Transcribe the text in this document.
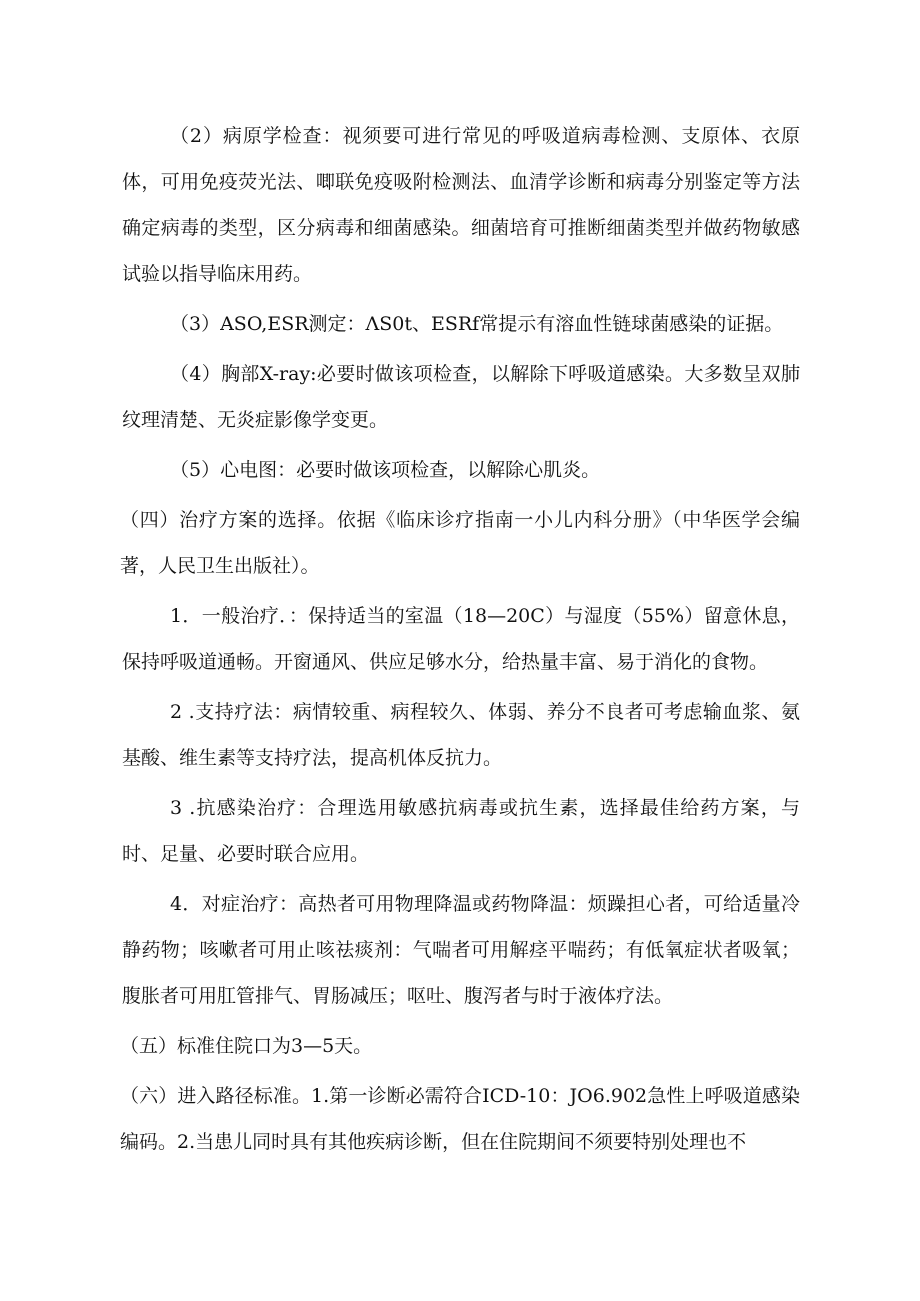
（2）病原学检查：视须要可进行常见的呼吸道病毒检测、支原体、衣原体，可用免疫荧光法、唧联免疫吸附检测法、血清学诊断和病毒分别鉴定等方法确定病毒的类型，区分病毒和细菌感染。细菌培育可推断细菌类型并做药物敏感试验以指导临床用药。

（3）ASO,ESR测定：ΛS0t、ESRf常提示有溶血性链球菌感染的证据。

（4）胸部X-ray:必要时做该项检查，以解除下呼吸道感染。大多数呈双肺纹理清楚、无炎症影像学变更。

（5）心电图：必要时做该项检查，以解除心肌炎。

（四）治疗方案的选择。依据《临床诊疗指南一小儿内科分册》（中华医学会编著，人民卫生出版社）。

1．一般治疗．：保持适当的室温（18—20C）与湿度（55%）留意休息，保持呼吸道通畅。开窗通风、供应足够水分，给热量丰富、易于消化的食物。

2 .支持疗法：病情较重、病程较久、体弱、养分不良者可考虑输血浆、氨基酸、维生素等支持疗法，提高机体反抗力。

3 .抗感染治疗：合理选用敏感抗病毒或抗生素，选择最佳给药方案，与时、足量、必要时联合应用。

4．对症治疗：高热者可用物理降温或药物降温：烦躁担心者，可给适量冷静药物；咳嗽者可用止咳祛痰剂：气喘者可用解痉平喘药；有低氧症状者吸氧；腹胀者可用肛管排气、胃肠减压；呕吐、腹泻者与时于液体疗法。

（五）标准住院口为3—5天。

（六）进入路径标准。1.第一诊断必需符合ICD-10：JO6.902急性上呼吸道感染编码。2.当患儿同时具有其他疾病诊断，但在住院期间不须要特别处理也不
